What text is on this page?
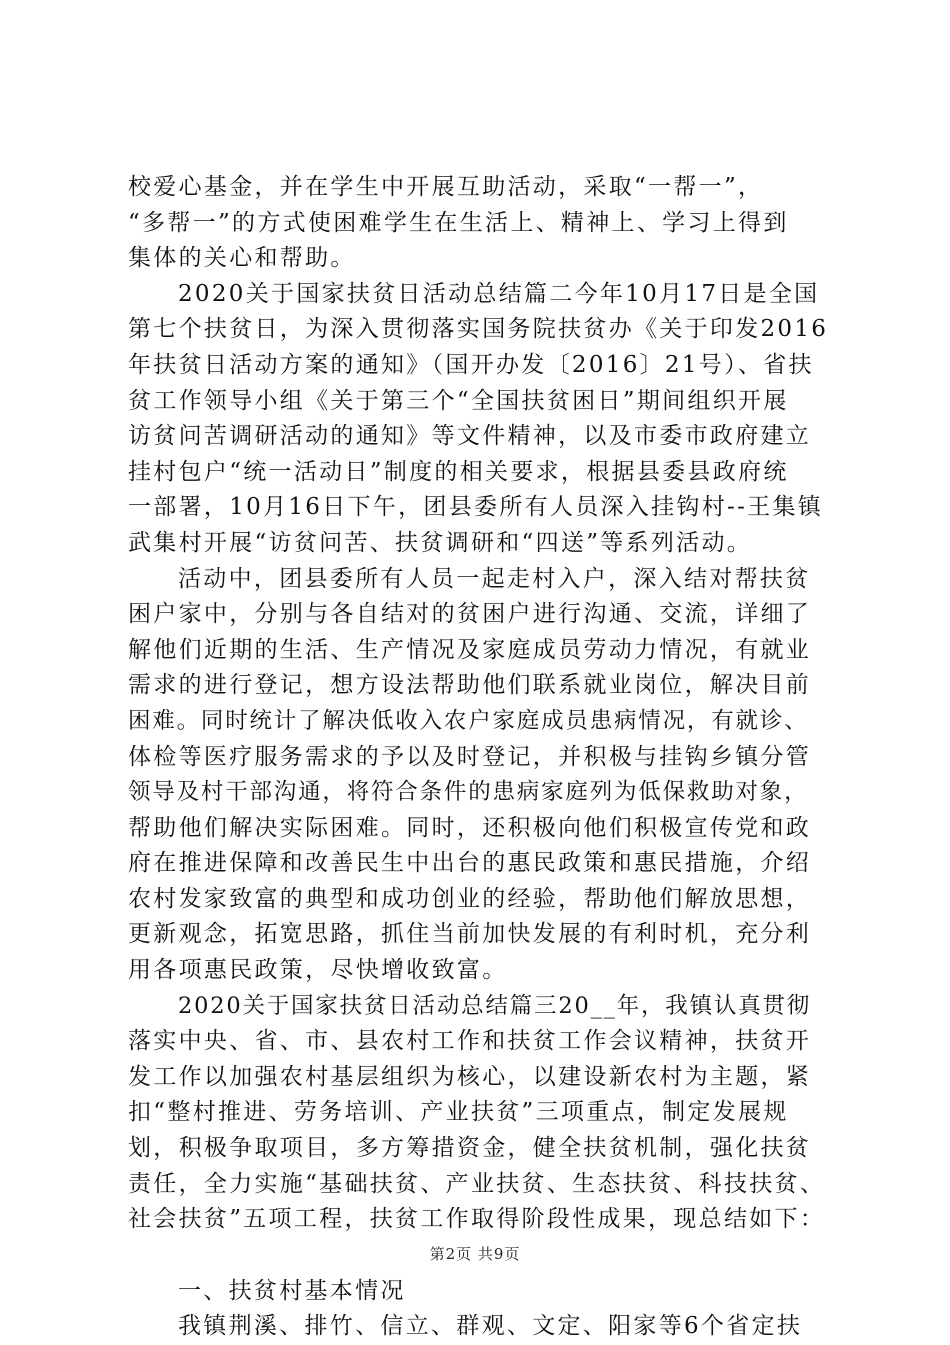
校爱心基金，并在学生中开展互助活动，采取“一帮一”，
“多帮一”的方式使困难学生在生活上、精神上、学习上得到
集体的关心和帮助。
2020关于国家扶贫日活动总结篇二今年10月17日是全国
第七个扶贫日，为深入贯彻落实国务院扶贫办《关于印发2016
年扶贫日活动方案的通知》（国开办发〔2016〕21号）、省扶
贫工作领导小组《关于第三个“全国扶贫困日”期间组织开展
访贫问苦调研活动的通知》等文件精神，以及市委市政府建立
挂村包户“统一活动日”制度的相关要求，根据县委县政府统
一部署，10月16日下午，团县委所有人员深入挂钩村--王集镇
武集村开展“访贫问苦、扶贫调研和“四送”等系列活动。
活动中，团县委所有人员一起走村入户，深入结对帮扶贫
困户家中，分别与各自结对的贫困户进行沟通、交流，详细了
解他们近期的生活、生产情况及家庭成员劳动力情况，有就业
需求的进行登记，想方设法帮助他们联系就业岗位，解决目前
困难。同时统计了解决低收入农户家庭成员患病情况，有就诊、
体检等医疗服务需求的予以及时登记，并积极与挂钩乡镇分管
领导及村干部沟通，将符合条件的患病家庭列为低保救助对象，
帮助他们解决实际困难。同时，还积极向他们积极宣传党和政
府在推进保障和改善民生中出台的惠民政策和惠民措施，介绍
农村发家致富的典型和成功创业的经验，帮助他们解放思想，
更新观念，拓宽思路，抓住当前加快发展的有利时机，充分利
用各项惠民政策，尽快增收致富。
2020关于国家扶贫日活动总结篇三20__年，我镇认真贯彻
落实中央、省、市、县农村工作和扶贫工作会议精神，扶贫开
发工作以加强农村基层组织为核心，以建设新农村为主题，紧
扣“整村推进、劳务培训、产业扶贫”三项重点，制定发展规
划，积极争取项目，多方筹措资金，健全扶贫机制，强化扶贫
责任，全力实施“基础扶贫、产业扶贫、生态扶贫、科技扶贫、
社会扶贫”五项工程，扶贫工作取得阶段性成果，现总结如下：
一、扶贫村基本情况
我镇荆溪、排竹、信立、群观、文定、阳家等6个省定扶
第2页 共9页
